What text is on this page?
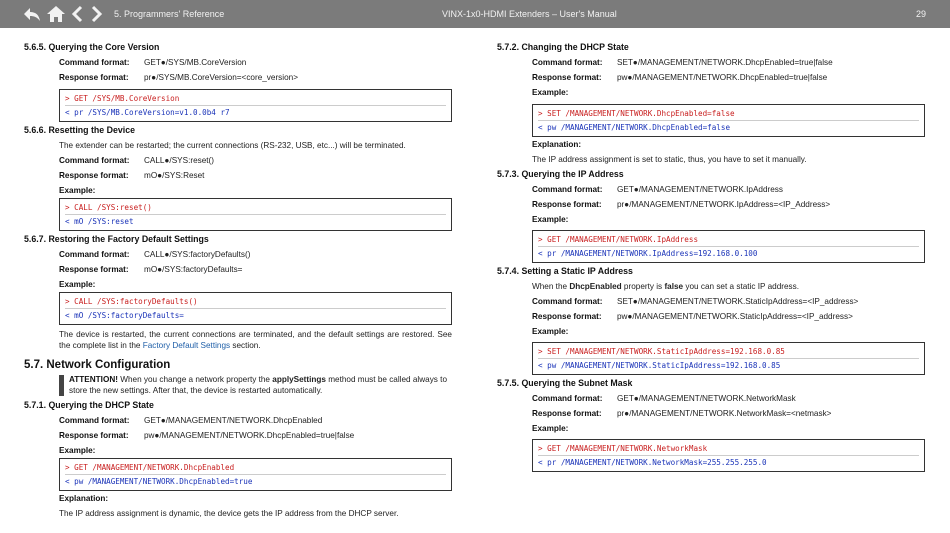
5. Programmers' Reference	VINX-1x0-HDMI Extenders – User's Manual	29
5.6.5. Querying the Core Version
Command format:	GET●/SYS/MB.CoreVersion
Response format:	pr●/SYS/MB.CoreVersion=<core_version>
> GET /SYS/MB.CoreVersion
< pr /SYS/MB.CoreVersion=v1.0.0b4 r7
5.6.6. Resetting the Device

The extender can be restarted; the current connections (RS-232, USB, etc...) will be terminated.

Command format:	CALL●/SYS:reset()
Response format:	mO●/SYS:Reset
Example:
> CALL /SYS:reset()
< mO /SYS:reset
5.6.7. Restoring the Factory Default Settings
Command format:	CALL●/SYS:factoryDefaults()
Response format:	mO●/SYS:factoryDefaults=
Example:
> CALL /SYS:factoryDefaults()
< mO /SYS:factoryDefaults=

The device is restarted, the current connections are terminated, and the default settings are restored. See the complete list in the Factory Default Settings section.

5.7. Network Configuration
ATTENTION! When you change a network property the applySettings method must be called always to store the new settings. After that, the device is restarted automatically.
5.7.1. Querying the DHCP State
Command format:	GET●/MANAGEMENT/NETWORK.DhcpEnabled
Response format:	pw●/MANAGEMENT/NETWORK.DhcpEnabled=true|false
Example:
> GET /MANAGEMENT/NETWORK.DhcpEnabled
< pw /MANAGEMENT/NETWORK.DhcpEnabled=true
Explanation:

The IP address assignment is dynamic, the device gets the IP address from the DHCP server.

5.7.2. Changing the DHCP State
Command format:	SET●/MANAGEMENT/NETWORK.DhcpEnabled=true|false
Response format:	pw●/MANAGEMENT/NETWORK.DhcpEnabled=true|false
Example:
> SET /MANAGEMENT/NETWORK.DhcpEnabled=false
< pw /MANAGEMENT/NETWORK.DhcpEnabled=false
Explanation:

The IP address assignment is set to static, thus, you have to set it manually.

5.7.3. Querying the IP Address
Command format:	GET●/MANAGEMENT/NETWORK.IpAddress
Response format:	pr●/MANAGEMENT/NETWORK.IpAddress=<IP_Address>
Example:
> GET /MANAGEMENT/NETWORK.IpAddress
< pr /MANAGEMENT/NETWORK.IpAddress=192.168.0.100
5.7.4. Setting a Static IP Address

When the DhcpEnabled property is false you can set a static IP address.

Command format:	SET●/MANAGEMENT/NETWORK.StaticIpAddress=<IP_address>
Response format:	pw●/MANAGEMENT/NETWORK.StaticIpAddress=<IP_address>
Example:
> SET /MANAGEMENT/NETWORK.StaticIpAddress=192.168.0.85
< pw /MANAGEMENT/NETWORK.StaticIpAddress=192.168.0.85
5.7.5. Querying the Subnet Mask
Command format:	GET●/MANAGEMENT/NETWORK.NetworkMask
Response format:	pr●/MANAGEMENT/NETWORK.NetworkMask=<netmask>
Example:
> GET /MANAGEMENT/NETWORK.NetworkMask
< pr /MANAGEMENT/NETWORK.NetworkMask=255.255.255.0
